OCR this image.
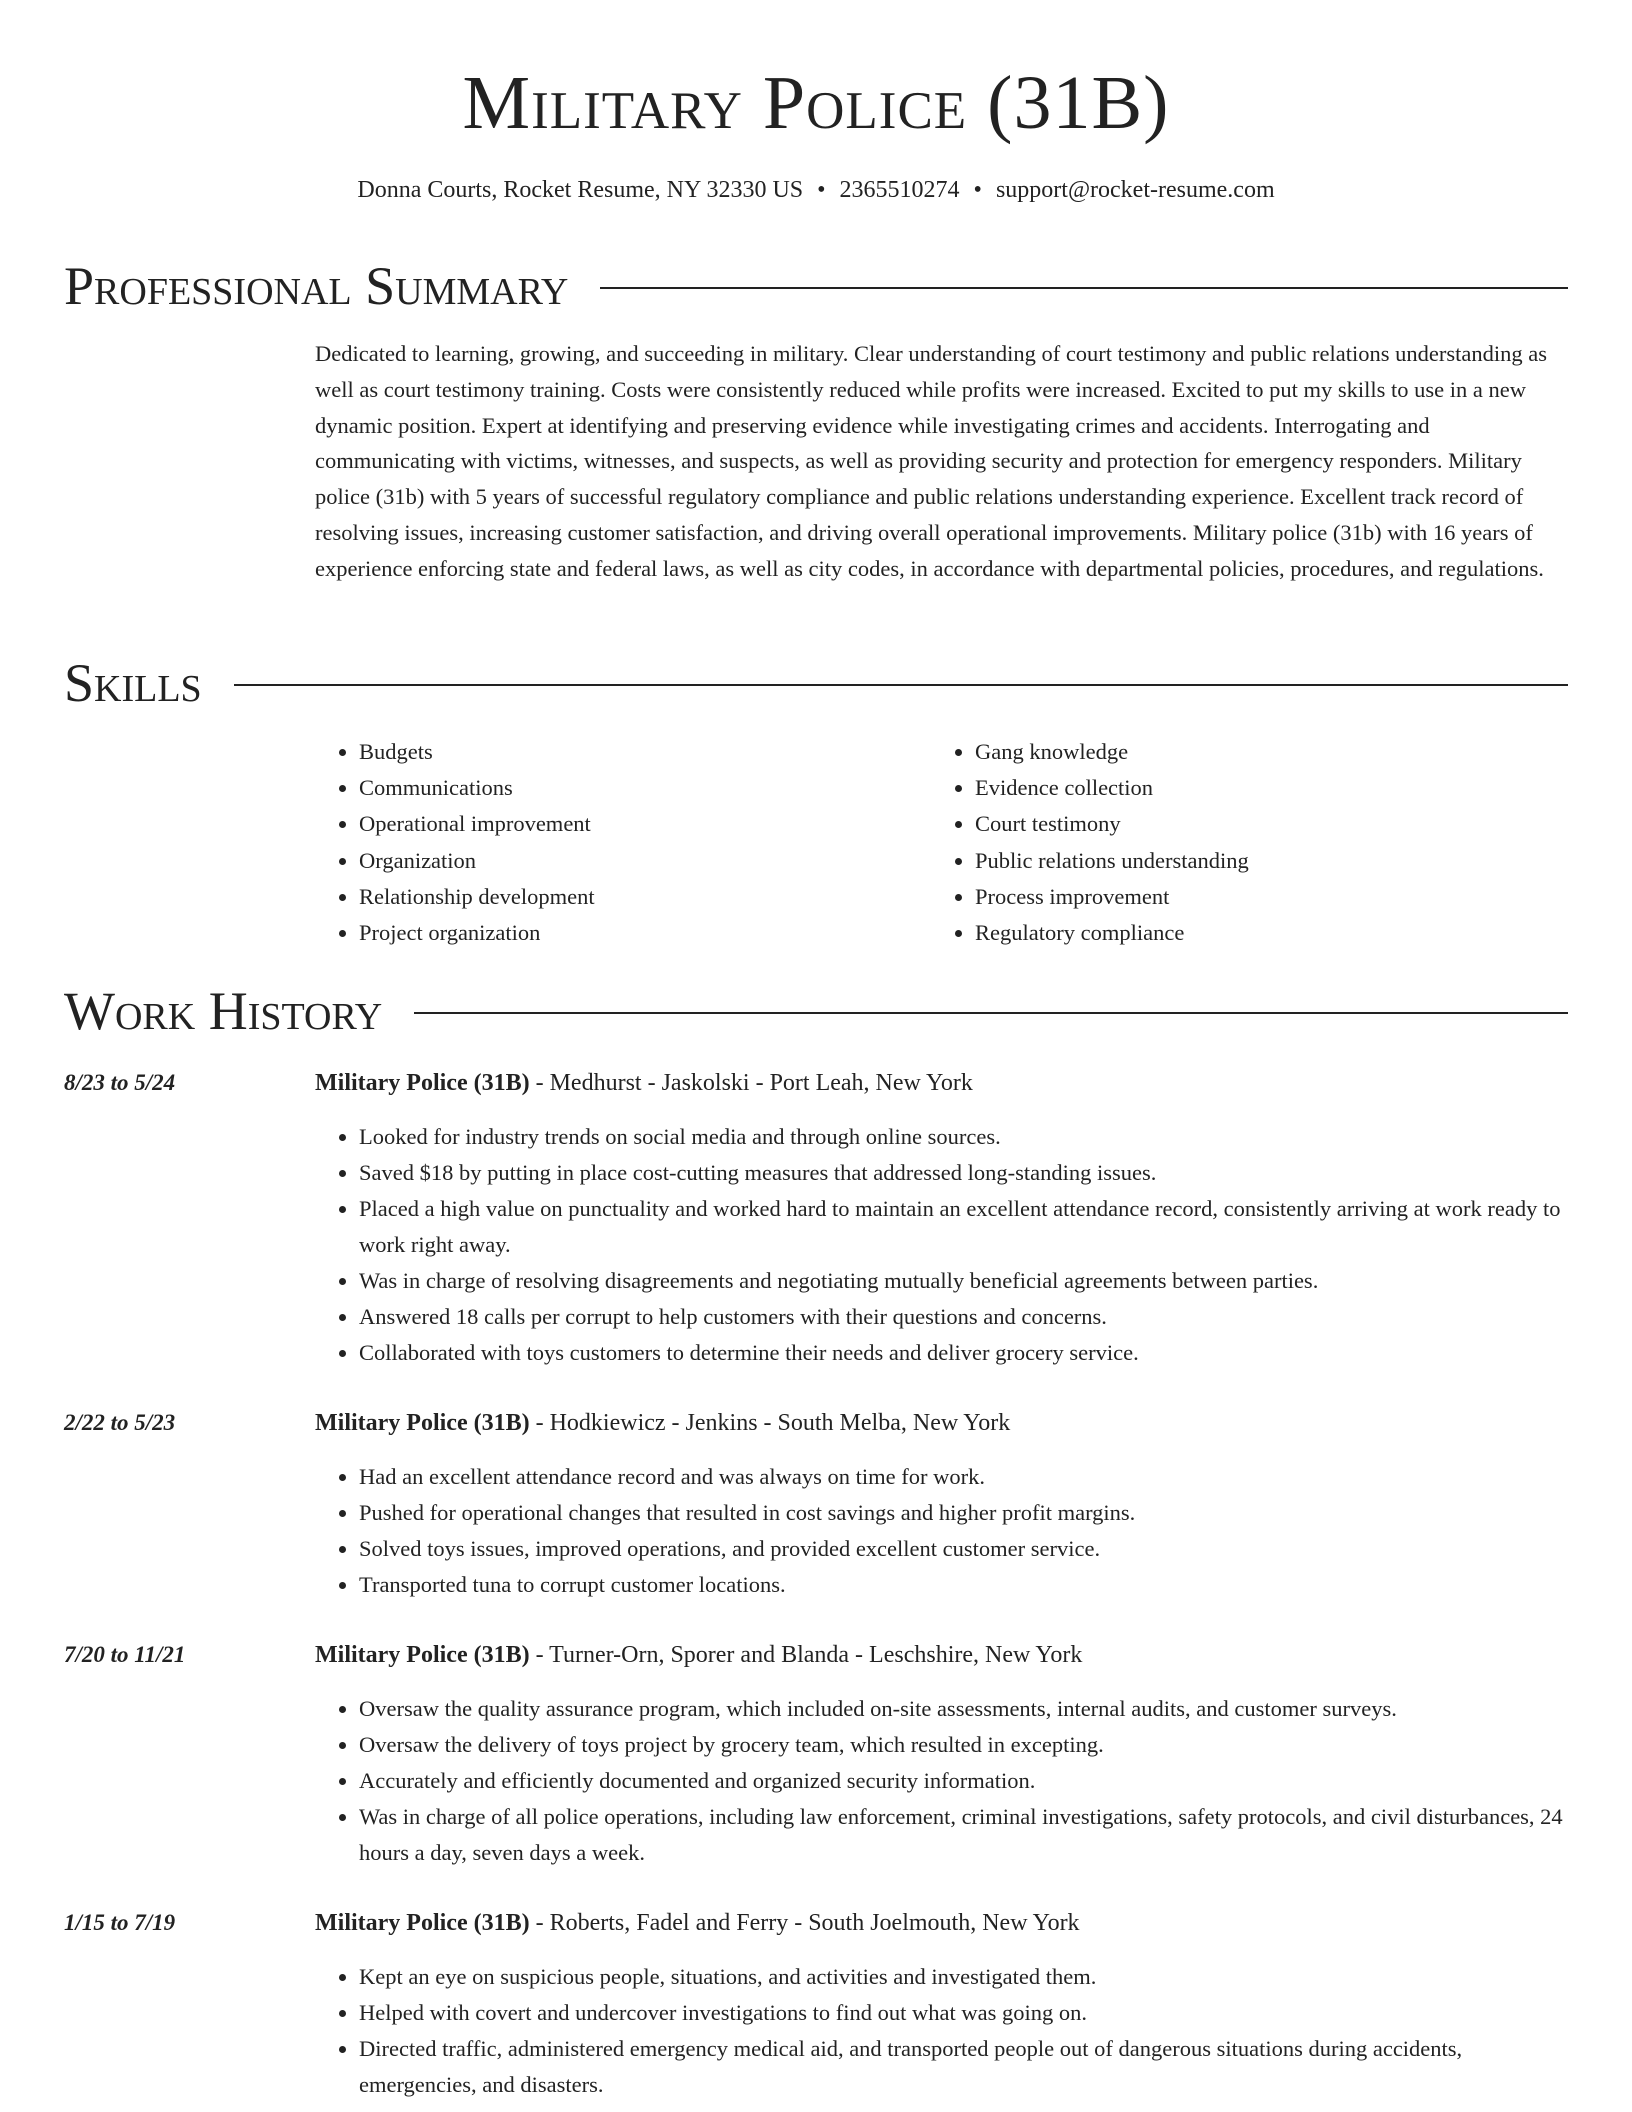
Military Police (31B)
Donna Courts, Rocket Resume, NY 32330 US • 2365510274 • support@rocket-resume.com
Professional Summary

Dedicated to learning, growing, and succeeding in military. Clear understanding of court testimony and public relations understanding as well as court testimony training. Costs were consistently reduced while profits were increased. Excited to put my skills to use in a new dynamic position. Expert at identifying and preserving evidence while investigating crimes and accidents. Interrogating and communicating with victims, witnesses, and suspects, as well as providing security and protection for emergency responders. Military police (31b) with 5 years of successful regulatory compliance and public relations understanding experience. Excellent track record of resolving issues, increasing customer satisfaction, and driving overall operational improvements. Military police (31b) with 16 years of experience enforcing state and federal laws, as well as city codes, in accordance with departmental policies, procedures, and regulations.

Skills
• Budgets
• Communications
• Operational improvement
• Organization
• Relationship development
• Project organization
• Gang knowledge
• Evidence collection
• Court testimony
• Public relations understanding
• Process improvement
• Regulatory compliance
Work History
8/23 to 5/24	Military Police (31B) - Medhurst - Jaskolski - Port Leah, New York
• Looked for industry trends on social media and through online sources.
• Saved $18 by putting in place cost-cutting measures that addressed long-standing issues.
• Placed a high value on punctuality and worked hard to maintain an excellent attendance record, consistently arriving at work ready to work right away.
• Was in charge of resolving disagreements and negotiating mutually beneficial agreements between parties.
• Answered 18 calls per corrupt to help customers with their questions and concerns.
• Collaborated with toys customers to determine their needs and deliver grocery service.
2/22 to 5/23	Military Police (31B) - Hodkiewicz - Jenkins - South Melba, New York
• Had an excellent attendance record and was always on time for work.
• Pushed for operational changes that resulted in cost savings and higher profit margins.
• Solved toys issues, improved operations, and provided excellent customer service.
• Transported tuna to corrupt customer locations.
7/20 to 11/21	Military Police (31B) - Turner-Orn, Sporer and Blanda - Leschshire, New York
• Oversaw the quality assurance program, which included on-site assessments, internal audits, and customer surveys.
• Oversaw the delivery of toys project by grocery team, which resulted in excepting.
• Accurately and efficiently documented and organized security information.
• Was in charge of all police operations, including law enforcement, criminal investigations, safety protocols, and civil disturbances, 24 hours a day, seven days a week.
1/15 to 7/19	Military Police (31B) - Roberts, Fadel and Ferry - South Joelmouth, New York
• Kept an eye on suspicious people, situations, and activities and investigated them.
• Helped with covert and undercover investigations to find out what was going on.
• Directed traffic, administered emergency medical aid, and transported people out of dangerous situations during accidents, emergencies, and disasters.
